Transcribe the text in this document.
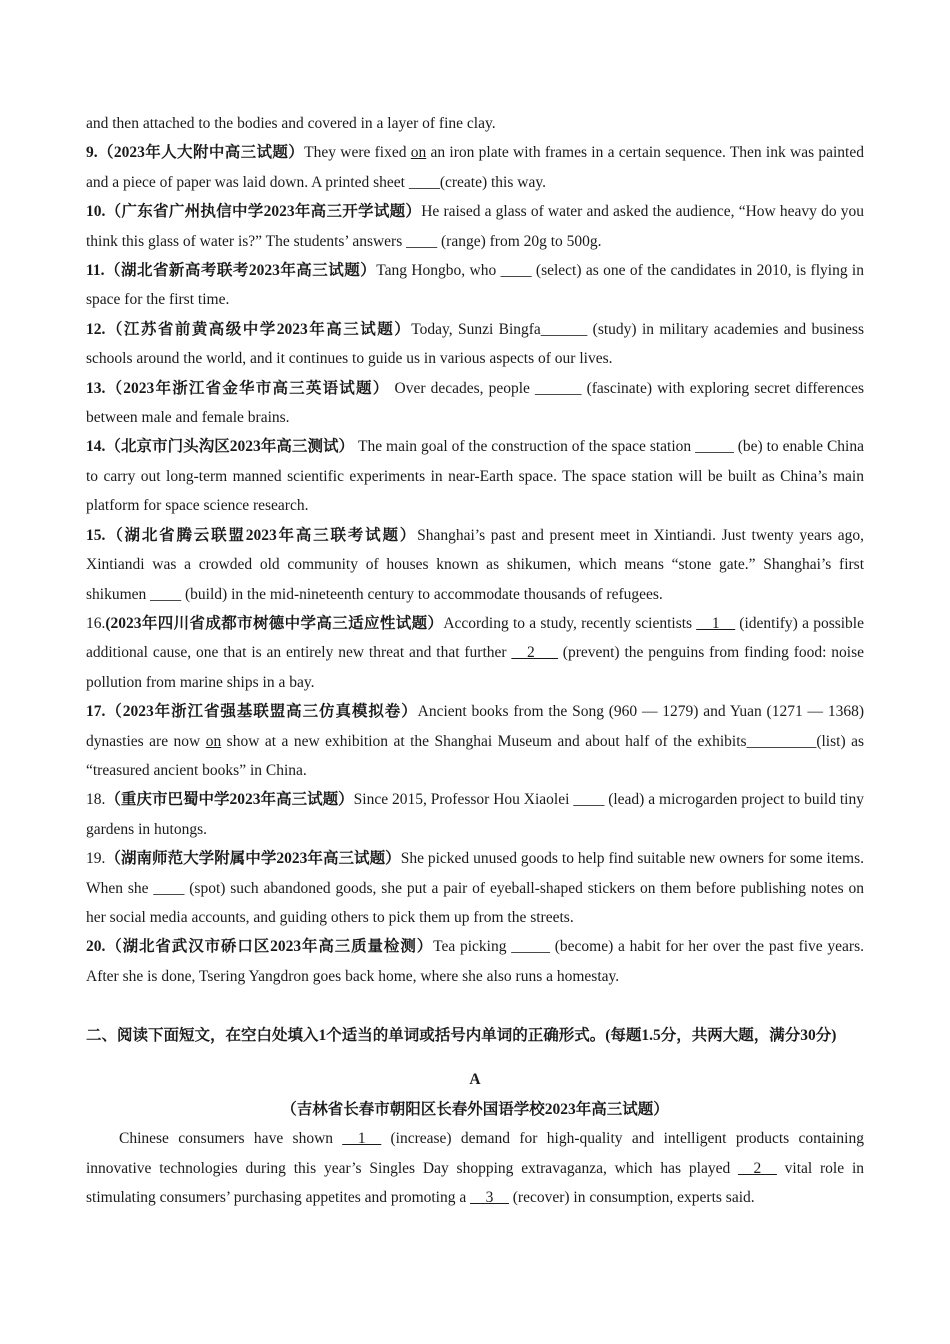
and then attached to the bodies and covered in a layer of fine clay.

9.（2023年人大附中高三试题）They were fixed on an iron plate with frames in a certain sequence. Then ink was painted and a piece of paper was laid down. A printed sheet ____(create) this way.

10.（广东省广州执信中学2023年高三开学试题）He raised a glass of water and asked the audience, “How heavy do you think this glass of water is?” The students’ answers ____ (range) from 20g to 500g.

11.（湖北省新高考联考2023年高三试题）Tang Hongbo, who ____ (select) as one of the candidates in 2010, is flying in space for the first time.

12.（江苏省前黄高级中学2023年高三试题）Today, Sunzi Bingfa______ (study) in military academies and business schools around the world, and it continues to guide us in various aspects of our lives.

13.（2023年浙江省金华市高三英语试题） Over decades, people ______ (fascinate) with exploring secret differences between male and female brains.

14.（北京市门头沟区2023年高三测试） The main goal of the construction of the space station _____ (be) to enable China to carry out long-term manned scientific experiments in near-Earth space. The space station will be built as China’s main platform for space science research.

15.（湖北省腾云联盟2023年高三联考试题）Shanghai’s past and present meet in Xintiandi. Just twenty years ago, Xintiandi was a crowded old community of houses known as shikumen, which means “stone gate.” Shanghai’s first shikumen ____ (build) in the mid-nineteenth century to accommodate thousands of refugees.

16.(2023年四川省成都市树德中学高三适应性试题）According to a study, recently scientists __1__ (identify) a possible additional cause, one that is an entirely new threat and that further __2___ (prevent) the penguins from finding food: noise pollution from marine ships in a bay.

17.（2023年浙江省强基联盟高三仿真模拟卷）Ancient books from the Song (960 — 1279) and Yuan (1271 — 1368) dynasties are now on show at a new exhibition at the Shanghai Museum and about half of the exhibits_________(list) as “treasured ancient books” in China.

18.（重庆市巴蜀中学2023年高三试题）Since 2015, Professor Hou Xiaolei ____ (lead) a microgarden project to build tiny gardens in hutongs.

19.（湖南师范大学附属中学2023年高三试题）She picked unused goods to help find suitable new owners for some items. When she ____ (spot) such abandoned goods, she put a pair of eyeball-shaped stickers on them before publishing notes on her social media accounts, and guiding others to pick them up from the streets.

20.（湖北省武汉市硚口区2023年高三质量检测）Tea picking _____ (become) a habit for her over the past five years. After she is done, Tsering Yangdron goes back home, where she also runs a homestay.

二、阅读下面短文，在空白处填入1个适当的单词或括号内单词的正确形式。(每题1.5分，共两大题，满分30分)

A

（吉林省长春市朝阳区长春外国语学校2023年高三试题）

Chinese consumers have shown __1__ (increase) demand for high-quality and intelligent products containing innovative technologies during this year’s Singles Day shopping extravaganza, which has played __2__ vital role in stimulating consumers’ purchasing appetites and promoting a __3__ (recover) in consumption, experts said.
